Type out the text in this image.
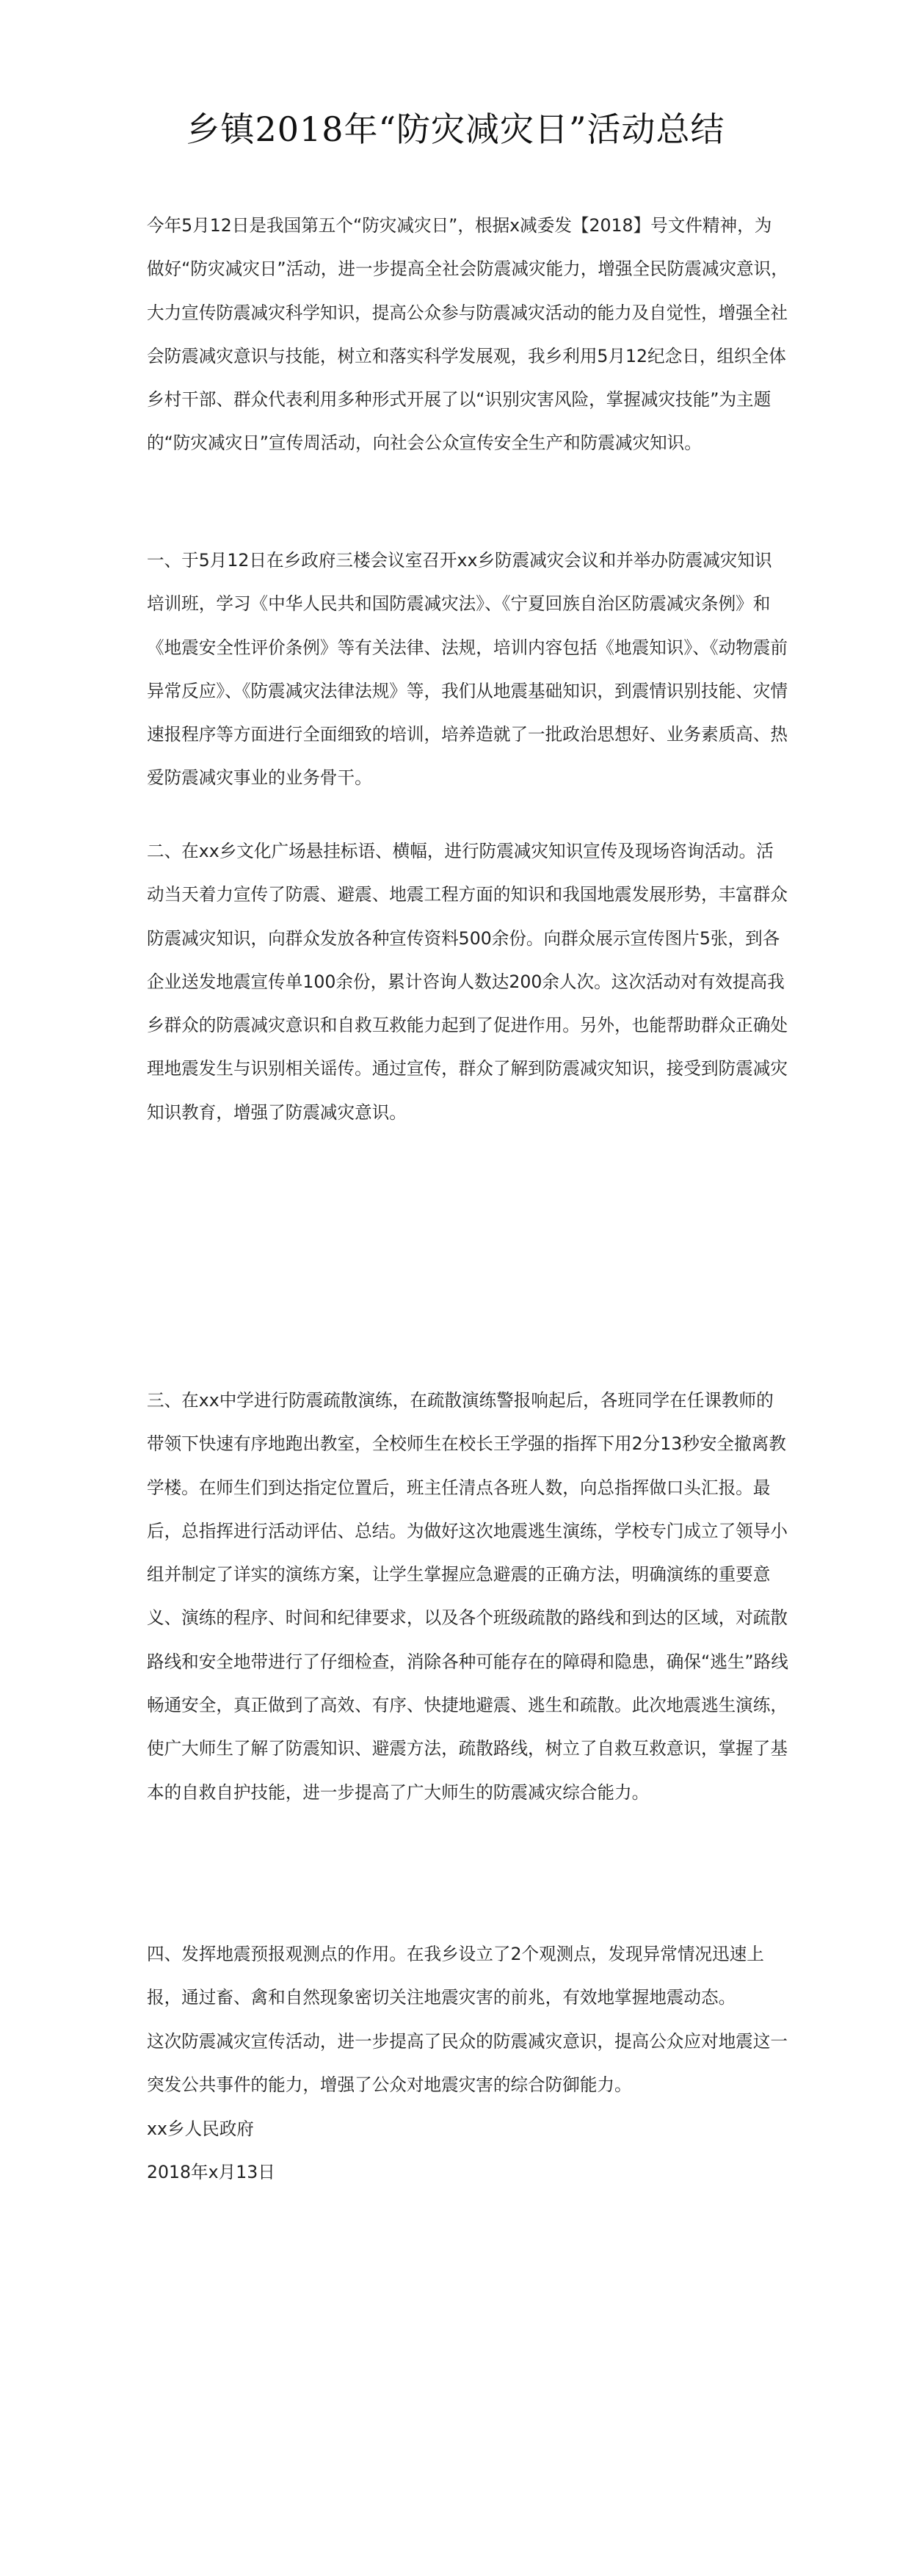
乡镇2018年“防灾减灾日”活动总结

今年5月12日是我国第五个“防灾减灾日”，根据x减委发【2018】号文件精神，为做好“防灾减灾日”活动，进一步提高全社会防震减灾能力，增强全民防震减灾意识，大力宣传防震减灾科学知识，提高公众参与防震减灾活动的能力及自觉性，增强全社会防震减灾意识与技能，树立和落实科学发展观，我乡利用5月12纪念日，组织全体乡村干部、群众代表利用多种形式开展了以“识别灾害风险，掌握减灾技能”为主题的“防灾减灾日”宣传周活动，向社会公众宣传安全生产和防震减灾知识。

一、于5月12日在乡政府三楼会议室召开xx乡防震减灾会议和并举办防震减灾知识培训班，学习《中华人民共和国防震减灾法》、《宁夏回族自治区防震减灾条例》和《地震安全性评价条例》等有关法律、法规，培训内容包括《地震知识》、《动物震前异常反应》、《防震减灾法律法规》等，我们从地震基础知识，到震情识别技能、灾情速报程序等方面进行全面细致的培训，培养造就了一批政治思想好、业务素质高、热爱防震减灾事业的业务骨干。

二、在xx乡文化广场悬挂标语、横幅，进行防震减灾知识宣传及现场咨询活动。活动当天着力宣传了防震、避震、地震工程方面的知识和我国地震发展形势，丰富群众防震减灾知识，向群众发放各种宣传资料500余份。向群众展示宣传图片5张，到各企业送发地震宣传单100余份，累计咨询人数达200余人次。这次活动对有效提高我乡群众的防震减灾意识和自救互救能力起到了促进作用。另外，也能帮助群众正确处理地震发生与识别相关谣传。通过宣传，群众了解到防震减灾知识，接受到防震减灾知识教育，增强了防震减灾意识。

三、在xx中学进行防震疏散演练，在疏散演练警报响起后，各班同学在任课教师的带领下快速有序地跑出教室，全校师生在校长王学强的指挥下用2分13秒安全撤离教学楼。在师生们到达指定位置后，班主任清点各班人数，向总指挥做口头汇报。最后，总指挥进行活动评估、总结。为做好这次地震逃生演练，学校专门成立了领导小组并制定了详实的演练方案，让学生掌握应急避震的正确方法，明确演练的重要意义、演练的程序、时间和纪律要求，以及各个班级疏散的路线和到达的区域，对疏散路线和安全地带进行了仔细检查，消除各种可能存在的障碍和隐患，确保“逃生”路线畅通安全，真正做到了高效、有序、快捷地避震、逃生和疏散。此次地震逃生演练，使广大师生了解了防震知识、避震方法，疏散路线，树立了自救互救意识，掌握了基本的自救自护技能，进一步提高了广大师生的防震减灾综合能力。

四、发挥地震预报观测点的作用。在我乡设立了2个观测点，发现异常情况迅速上报，通过畜、禽和自然现象密切关注地震灾害的前兆，有效地掌握地震动态。

这次防震减灾宣传活动，进一步提高了民众的防震减灾意识，提高公众应对地震这一突发公共事件的能力，增强了公众对地震灾害的综合防御能力。

xx乡人民政府

2018年x月13日
